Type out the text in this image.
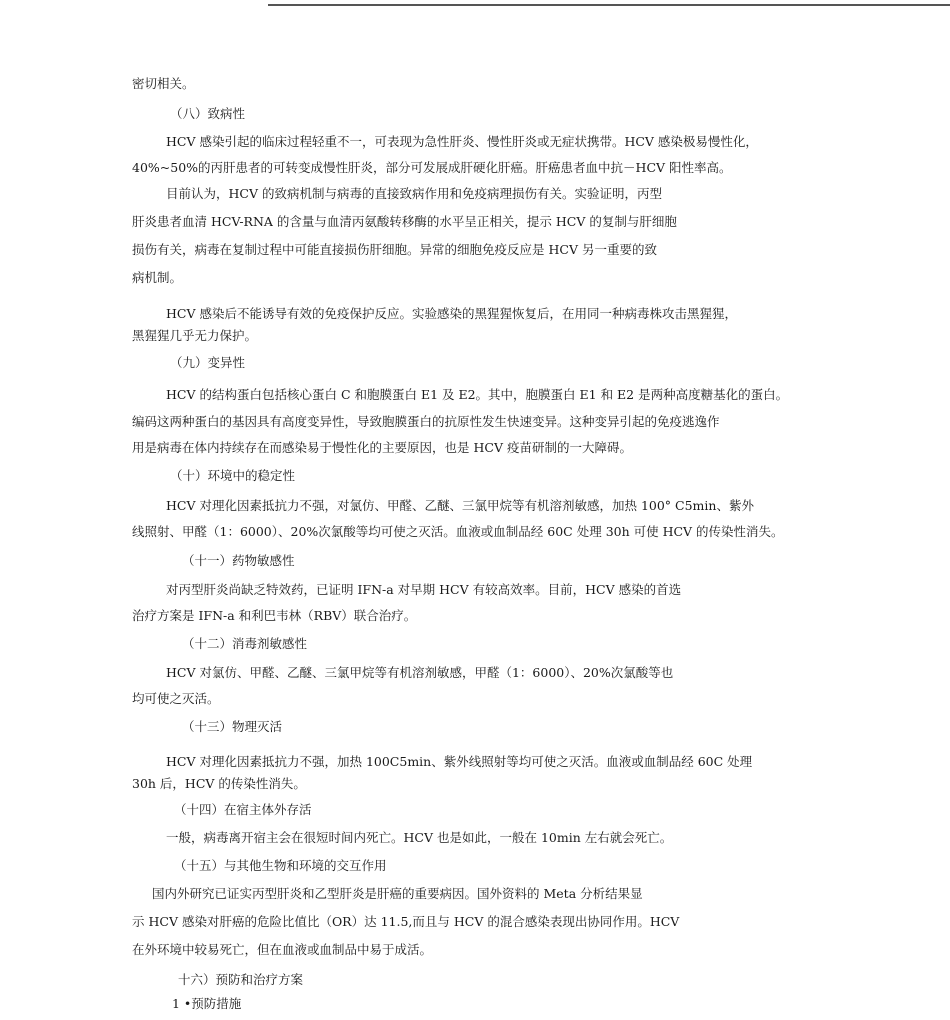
密切相关。
（八）致病性
HCV 感染引起的临床过程轻重不一，可表现为急性肝炎、慢性肝炎或无症状携带。HCV 感染极易慢性化，
40%~50%的丙肝患者的可转变成慢性肝炎，部分可发展成肝硬化肝癌。肝癌患者血中抗－HCV 阳性率高。
目前认为，HCV 的致病机制与病毒的直接致病作用和免疫病理损伤有关。实验证明，丙型
肝炎患者血清 HCV-RNA 的含量与血清丙氨酸转移酶的水平呈正相关，提示 HCV 的复制与肝细胞
损伤有关，病毒在复制过程中可能直接损伤肝细胞。异常的细胞免疫反应是 HCV 另一重要的致
病机制。
HCV 感染后不能诱导有效的免疫保护反应。实验感染的黑猩猩恢复后，在用同一种病毒株攻击黑猩猩，
黑猩猩几乎无力保护。
（九）变异性
HCV 的结构蛋白包括核心蛋白 C 和胞膜蛋白 E1 及 E2。其中，胞膜蛋白 E1 和 E2 是两种高度糖基化的蛋白。
编码这两种蛋白的基因具有高度变异性，导致胞膜蛋白的抗原性发生快速变异。这种变异引起的免疫逃逸作
用是病毒在体内持续存在而感染易于慢性化的主要原因，也是 HCV 疫苗研制的一大障碍。
（十）环境中的稳定性
HCV 对理化因素抵抗力不强，对氯仿、甲醛、乙醚、三氯甲烷等有机溶剂敏感，加热 100° C5min、紫外
线照射、甲醛（1：6000）、20%次氯酸等均可使之灭活。血液或血制品经 60C 处理 30h 可使 HCV 的传染性消失。
（十一）药物敏感性
对丙型肝炎尚缺乏特效药，已证明 IFN-a 对早期 HCV 有较高效率。目前，HCV 感染的首选
治疗方案是 IFN-a 和利巴韦林（RBV）联合治疗。
（十二）消毒剂敏感性
HCV 对氯仿、甲醛、乙醚、三氯甲烷等有机溶剂敏感，甲醛（1：6000）、20%次氯酸等也
均可使之灭活。
（十三）物理灭活
HCV 对理化因素抵抗力不强，加热 100C5min、紫外线照射等均可使之灭活。血液或血制品经 60C 处理
30h 后，HCV 的传染性消失。
（十四）在宿主体外存活
一般，病毒离开宿主会在很短时间内死亡。HCV 也是如此，一般在 10min 左右就会死亡。
（十五）与其他生物和环境的交互作用
国内外研究已证实丙型肝炎和乙型肝炎是肝癌的重要病因。国外资料的 Meta 分析结果显
示 HCV 感染对肝癌的危险比值比（OR）达 11.5,而且与 HCV 的混合感染表现出协同作用。HCV
在外环境中较易死亡，但在血液或血制品中易于成活。
十六）预防和治疗方案
1 •预防措施
